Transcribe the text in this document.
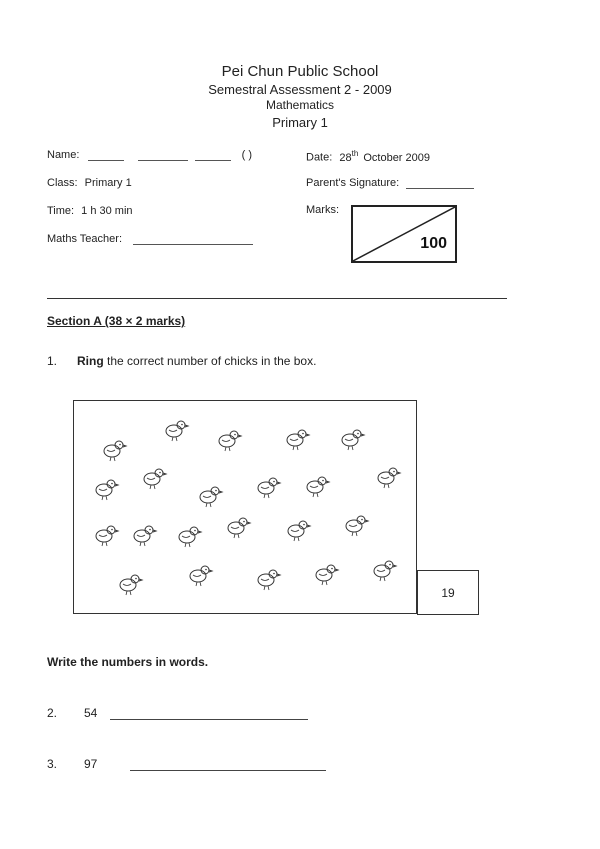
Pei Chun Public School
Semestral Assessment 2 - 2009
Mathematics
Primary 1
Name:	( )
Class: Primary 1
Time: 1 h 30 min
Maths Teacher:
Date: 28th October 2009
Parent's Signature:
Marks:
100
Section A (38 × 2 marks)
1. Ring the correct number of chicks in the box.
19
Write the numbers in words.
2. 54
3. 97
